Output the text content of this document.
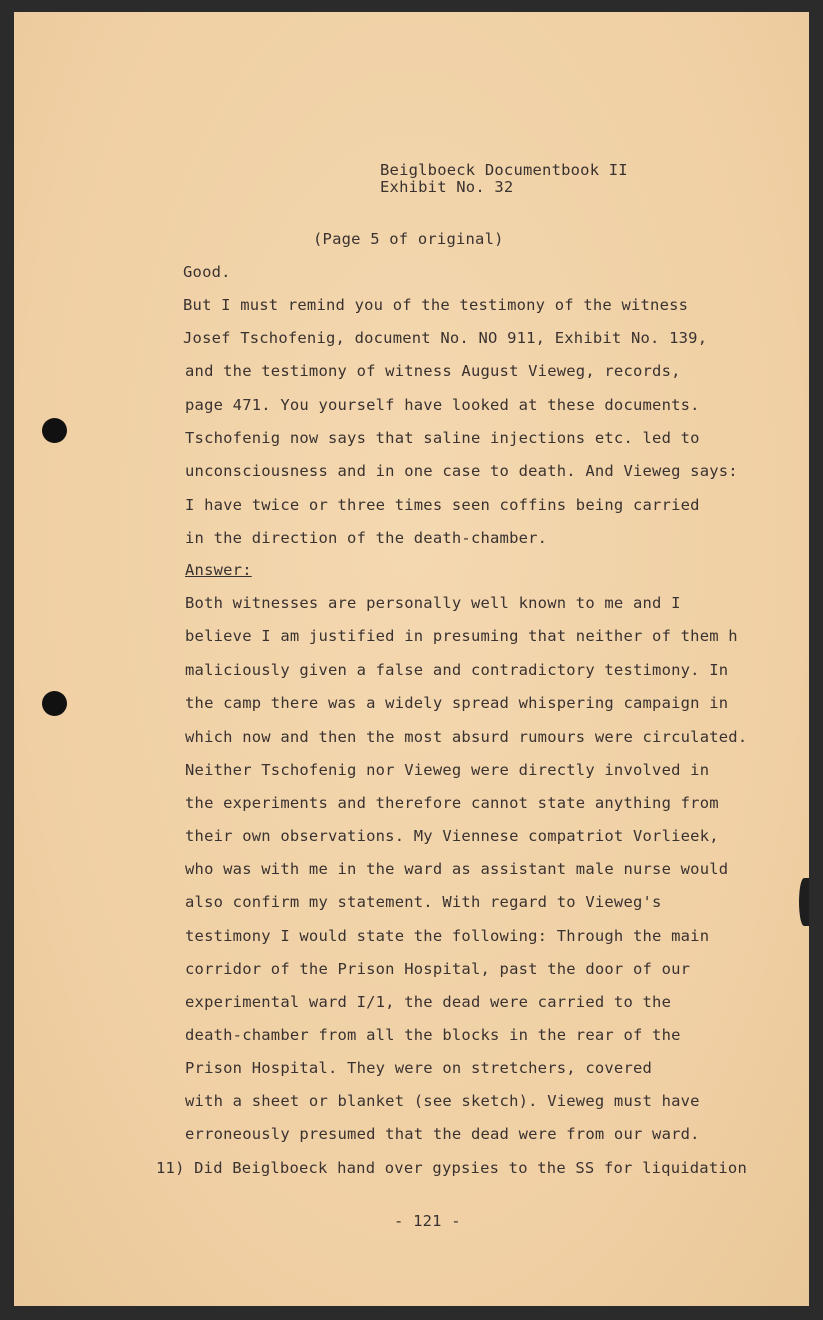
Beiglboeck Documentbook II
Exhibit No. 32
(Page 5 of original)
Good.
But I must remind you of the testimony of the witness
Josef Tschofenig, document No. NO 911, Exhibit No. 139,
and the testimony of witness August Vieweg, records,
page 471. You yourself have looked at these documents.
Tschofenig now says that saline injections etc. led to
unconsciousness and in one case to death. And Vieweg says:
I have twice or three times seen coffins being carried
in the direction of the death-chamber.
Answer:
Both witnesses are personally well known to me and I
believe I am justified in presuming that neither of them h
maliciously given a false and contradictory testimony. In
the camp there was a widely spread whispering campaign in
which now and then the most absurd rumours were circulated.
Neither Tschofenig nor Vieweg were directly involved in
the experiments and therefore cannot state anything from
their own observations. My Viennese compatriot Vorlieek,
who was with me in the ward as assistant male nurse would
also confirm my statement. With regard to Vieweg's
testimony I would state the following: Through the main
corridor of the Prison Hospital, past the door of our
experimental ward I/1, the dead were carried to the
death-chamber from all the blocks in the rear of the
Prison Hospital. They were on stretchers, covered
with a sheet or blanket (see sketch). Vieweg must have
erroneously presumed that the dead were from our ward.
11) Did Beiglboeck hand over gypsies to the SS for liquidation
- 121 -
